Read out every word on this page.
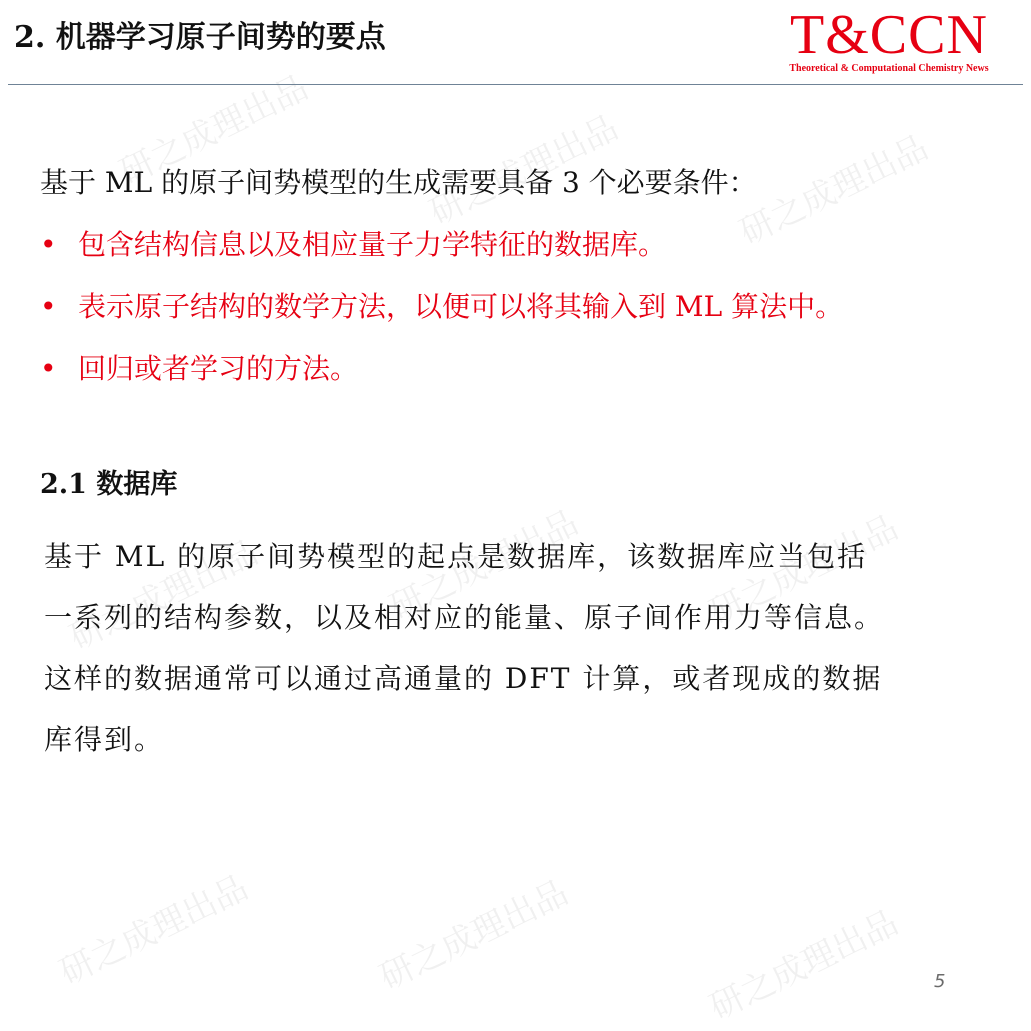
研之成理出品	研之成理出品	研之成理出品
研之成理出品	研之成理出品	研之成理出品
研之成理出品	研之成理出品	研之成理出品
2. 机器学习原子间势的要点	T&CCN
Theoretical & Computational Chemistry News
基于 ML 的原子间势模型的生成需要具备 3 个必要条件：
• 包含结构信息以及相应量子力学特征的数据库。
• 表示原子结构的数学方法，以便可以将其输入到 ML 算法中。
• 回归或者学习的方法。
2.1 数据库
基于 ML 的原子间势模型的起点是数据库，该数据库应当包括
一系列的结构参数，以及相对应的能量、原子间作用力等信息。
这样的数据通常可以通过高通量的 DFT 计算，或者现成的数据
库得到。
5
